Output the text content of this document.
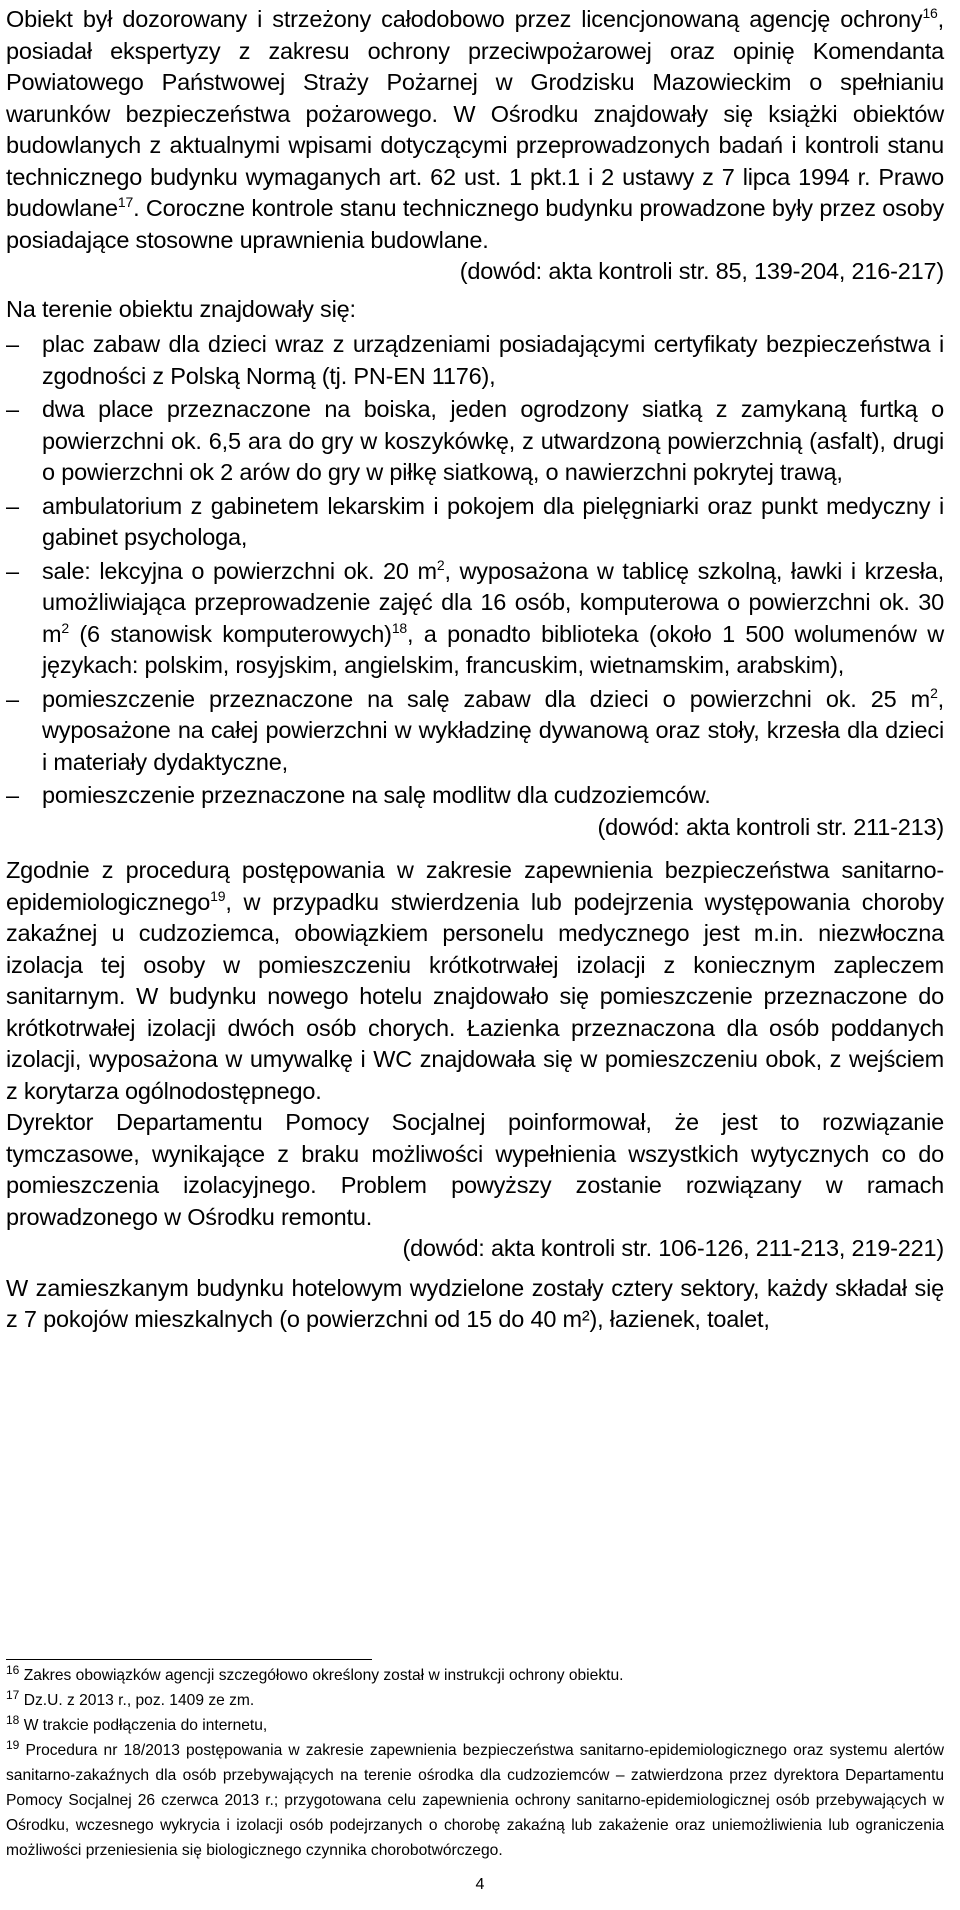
Obiekt był dozorowany i strzeżony całodobowo przez licencjonowaną agencję ochrony$^{16}$, posiadał ekspertyzy z zakresu ochrony przeciwpożarowej oraz opinię Komendanta Powiatowego Państwowej Straży Pożarnej w Grodzisku Mazowieckim o spełnianiu warunków bezpieczeństwa pożarowego. W Ośrodku znajdowały się książki obiektów budowlanych z aktualnymi wpisami dotyczącymi przeprowadzonych badań i kontroli stanu technicznego budynku wymaganych art. 62 ust. 1 pkt.1 i 2 ustawy z 7 lipca 1994 r. Prawo budowlane$^{17}$. Coroczne kontrole stanu technicznego budynku prowadzone były przez osoby posiadające stosowne uprawnienia budowlane.

(dowód: akta kontroli str. 85, 139-204, 216-217)

Na terenie obiektu znajdowały się:

– plac zabaw dla dzieci wraz z urządzeniami posiadającymi certyfikaty bezpieczeństwa i zgodności z Polską Normą (tj. PN-EN 1176),
– dwa place przeznaczone na boiska, jeden ogrodzony siatką z zamykaną furtką o powierzchni ok. 6,5 ara do gry w koszykówkę, z utwardzoną powierzchnią (asfalt), drugi o powierzchni ok 2 arów do gry w piłkę siatkową, o nawierzchni pokrytej trawą,
– ambulatorium z gabinetem lekarskim i pokojem dla pielęgniarki oraz punkt medyczny i gabinet psychologa,
– sale: lekcyjna o powierzchni ok. 20 $m^2$, wyposażona w tablicę szkolną, ławki i krzesła, umożliwiająca przeprowadzenie zajęć dla 16 osób, komputerowa o powierzchni ok. 30 $m^2$ (6 stanowisk komputerowych)$^{18}$, a ponadto biblioteka (około 1 500 wolumenów w językach: polskim, rosyjskim, angielskim, francuskim, wietnamskim, arabskim),
– pomieszczenie przeznaczone na salę zabaw dla dzieci o powierzchni ok. 25 $m^2$, wyposażone na całej powierzchni w wykładzinę dywanową oraz stoły, krzesła dla dzieci i materiały dydaktyczne,
– pomieszczenie przeznaczone na salę modlitw dla cudzoziemców.

(dowód: akta kontroli str. 211-213)

Zgodnie z procedurą postępowania w zakresie zapewnienia bezpieczeństwa sanitarno-epidemiologicznego$^{19}$, w przypadku stwierdzenia lub podejrzenia występowania choroby zakaźnej u cudzoziemca, obowiązkiem personelu medycznego jest m.in. niezwłoczna izolacja tej osoby w pomieszczeniu krótkotrwałej izolacji z koniecznym zapleczem sanitarnym. W budynku nowego hotelu znajdowało się pomieszczenie przeznaczone do krótkotrwałej izolacji dwóch osób chorych. Łazienka przeznaczona dla osób poddanych izolacji, wyposażona w umywalkę i WC znajdowała się w pomieszczeniu obok, z wejściem z korytarza ogólnodostępnego.

Dyrektor Departamentu Pomocy Socjalnej poinformował, że jest to rozwiązanie tymczasowe, wynikające z braku możliwości wypełnienia wszystkich wytycznych co do pomieszczenia izolacyjnego. Problem powyższy zostanie rozwiązany w ramach prowadzonego w Ośrodku remontu.

(dowód: akta kontroli str. 106-126, 211-213, 219-221)

W zamieszkanym budynku hotelowym wydzielone zostały cztery sektory, każdy składał się z 7 pokojów mieszkalnych (o powierzchni od 15 do 40 m²), łazienek, toalet,

$^{16}$ Zakres obowiązków agencji szczegółowo określony został w instrukcji ochrony obiektu.

$^{17}$ Dz.U. z 2013 r., poz. 1409 ze zm.

$^{18}$ W trakcie podłączenia do internetu,

$^{19}$ Procedura nr 18/2013 postępowania w zakresie zapewnienia bezpieczeństwa sanitarno-epidemiologicznego oraz systemu alertów sanitarno-zakaźnych dla osób przebywających na terenie ośrodka dla cudzoziemców – zatwierdzona przez dyrektora Departamentu Pomocy Socjalnej 26 czerwca 2013 r.; przygotowana celu zapewnienia ochrony sanitarno-epidemiologicznej osób przebywających w Ośrodku, wczesnego wykrycia i izolacji osób podejrzanych o chorobę zakaźną lub zakażenie oraz uniemożliwienia lub ograniczenia możliwości przeniesienia się biologicznego czynnika chorobotwórczego.

4
